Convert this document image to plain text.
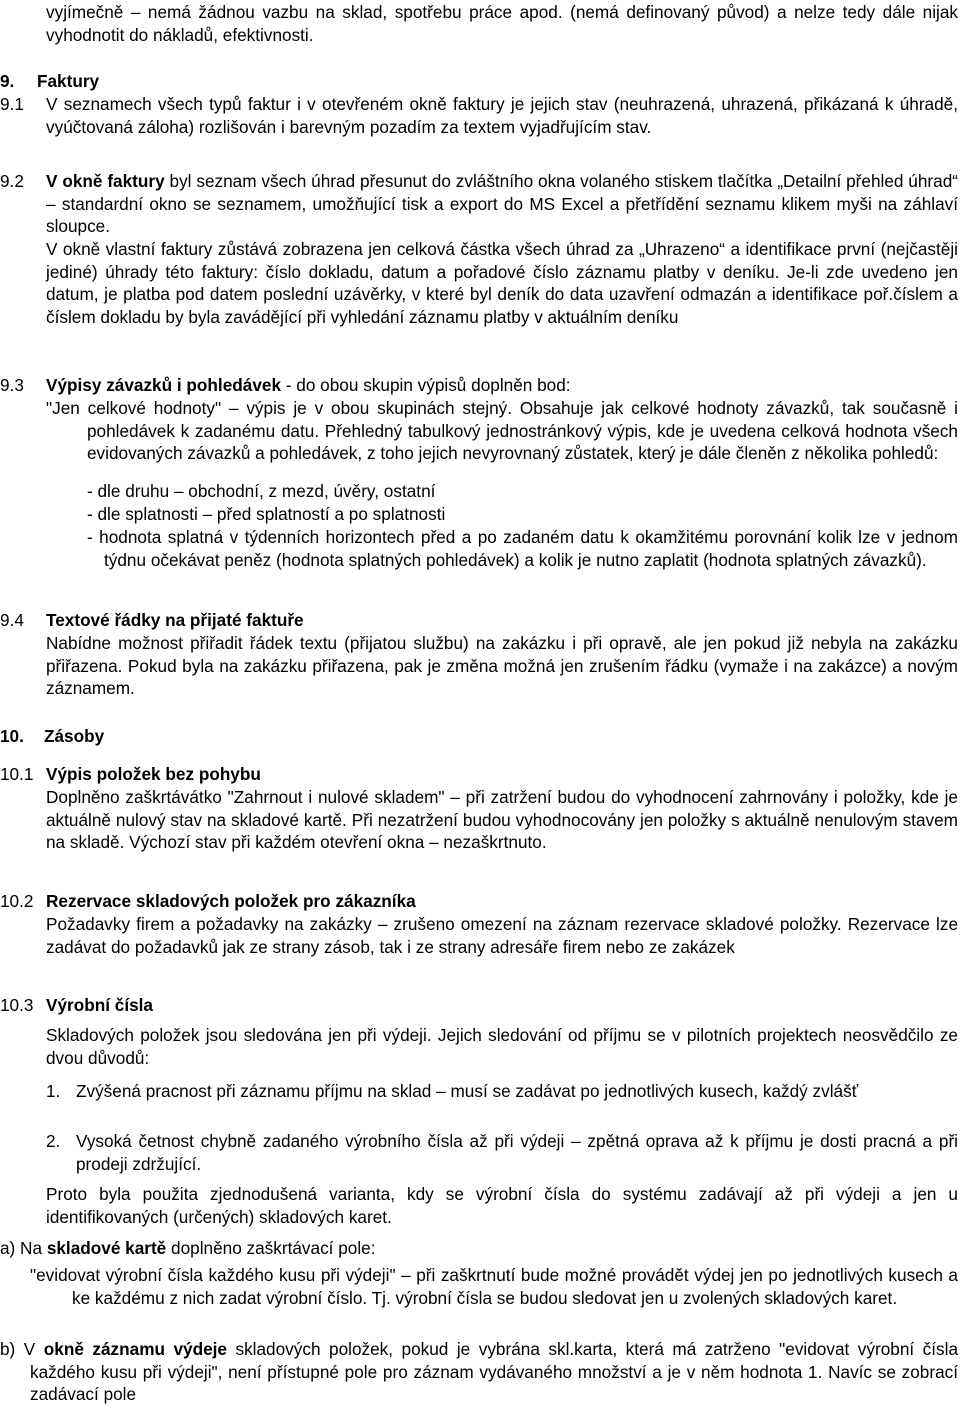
vyjímečně – nemá žádnou vazbu na sklad, spotřebu práce apod. (nemá definovaný původ) a nelze tedy dále nijak vyhodnotit do nákladů, efektivnosti.
9. Faktury
9.1 V seznamech všech typů faktur i v otevřeném okně faktury je jejich stav (neuhrazená, uhrazená, přikázaná k úhradě, vyúčtovaná záloha) rozlišován i barevným pozadím za textem vyjadřujícím stav.
9.2 V okně faktury byl seznam všech úhrad přesunut do zvláštního okna volaného stiskem tlačítka „Detailní přehled úhrad“ – standardní okno se seznamem, umožňující tisk a export do MS Excel a přetřídění seznamu klikem myši na záhlaví sloupce.
V okně vlastní faktury zůstává zobrazena jen celková částka všech úhrad za „Uhrazeno“ a identifikace první (nejčastěji jediné) úhrady této faktury: číslo dokladu, datum a pořadové číslo záznamu platby v deníku. Je-li zde uvedeno jen datum, je platba pod datem poslední uzávěrky, v které byl deník do data uzavření odmazán a identifikace poř.číslem a číslem dokladu by byla zavádějící při vyhledání záznamu platby v aktuálním deníku
9.3 Výpisy závazků i pohledávek - do obou skupin výpisů doplněn bod:
"Jen celkové hodnoty" – výpis je v obou skupinách stejný. Obsahuje jak celkové hodnoty závazků, tak současně i pohledávek k zadanému datu. Přehledný tabulkový jednostránkový výpis, kde je uvedena celková hodnota všech evidovaných závazků a pohledávek, z toho jejich nevyrovnaný zůstatek, který je dále členěn z několika pohledů:
- dle druhu – obchodní, z mezd, úvěry, ostatní
- dle splatnosti – před splatností a po splatnosti
- hodnota splatná v týdenních horizontech před a po zadaném datu k okamžitému porovnání kolik lze v jednom týdnu očekávat peněz (hodnota splatných pohledávek) a kolik je nutno zaplatit (hodnota splatných závazků).
9.4 Textové řádky na přijaté faktuře
Nabídne možnost přiřadit řádek textu (přijatou službu) na zakázku i při opravě, ale jen pokud již nebyla na zakázku přiřazena. Pokud byla na zakázku přiřazena, pak je změna možná jen zrušením řádku (vymaže i na zakázce) a novým záznamem.
10. Zásoby
10.1 Výpis položek bez pohybu
Doplněno zaškrtávátko "Zahrnout i nulové skladem" – při zatržení budou do vyhodnocení zahrnovány i položky, kde je aktuálně nulový stav na skladové kartě. Při nezatržení budou vyhodnocovány jen položky s aktuálně nenulovým stavem na skladě. Výchozí stav při každém otevření okna – nezaškrtnuto.
10.2 Rezervace skladových položek pro zákazníka
Požadavky firem a požadavky na zakázky – zrušeno omezení na záznam rezervace skladové položky. Rezervace lze zadávat do požadavků jak ze strany zásob, tak i ze strany adresáře firem nebo ze zakázek
10.3 Výrobní čísla
Skladových položek jsou sledována jen při výdeji. Jejich sledování od příjmu se v pilotních projektech neosvědčilo ze dvou důvodů:
1. Zvýšená pracnost při záznamu příjmu na sklad – musí se zadávat po jednotlivých kusech, každý zvlášť
2. Vysoká četnost chybně zadaného výrobního čísla až při výdeji – zpětná oprava až k příjmu je dosti pracná a při prodeji zdržující.
Proto byla použita zjednodušená varianta, kdy se výrobní čísla do systému zadávají až při výdeji a jen u identifikovaných (určených) skladových karet.
a) Na skladové kartě doplněno zaškrtávací pole:
"evidovat výrobní čísla každého kusu při výdeji" – při zaškrtnutí bude možné provádět výdej jen po jednotlivých kusech a ke každému z nich zadat výrobní číslo. Tj. výrobní čísla se budou sledovat jen u zvolených skladových karet.
b) V okně záznamu výdeje skladových položek, pokud je vybrána skl.karta, která má zatrženo "evidovat výrobní čísla každého kusu při výdeji", není přístupné pole pro záznam vydávaného množství a je v něm hodnota 1. Navíc se zobrací zadávací pole
